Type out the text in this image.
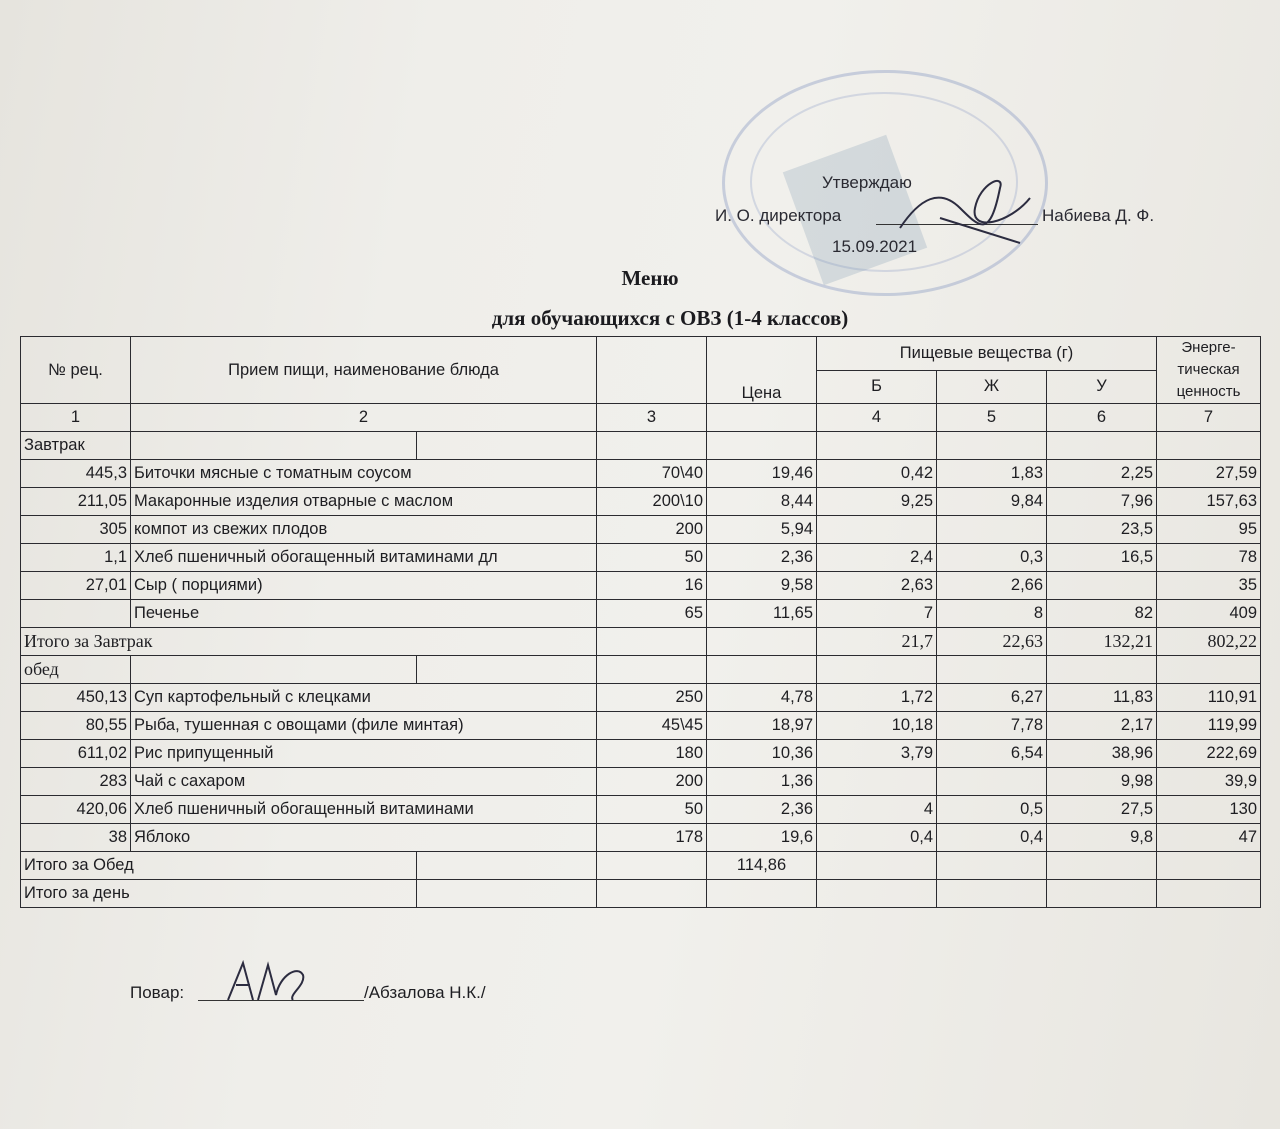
Утверждаю
И. О. директора	Набиева Д. Ф.
15.09.2021
Меню
для обучающихся с ОВЗ (1-4 классов)
№ рец.	Прием пищи, наименование блюда			Цена	Пищевые вещества (г)			Энерге-тическая ценность
					Б	Ж	У	
1	2		3		4	5	6	7
Завтрак								
445,3	Биточки мясные с томатным соусом		70\40	19,46	0,42	1,83	2,25	27,59
211,05	Макаронные изделия отварные с маслом		200\10	8,44	9,25	9,84	7,96	157,63
305	компот из свежих плодов		200	5,94			23,5	95
1,1	Хлеб пшеничный обогащенный витаминами дл		50	2,36	2,4	0,3	16,5	78
27,01	Сыр ( порциями)		16	9,58	2,63	2,66		35
	Печенье		65	11,65	7	8	82	409
Итого за Завтрак					21,7	22,63	132,21	802,22
обед								
450,13	Суп картофельный с клецками		250	4,78	1,72	6,27	11,83	110,91
80,55	Рыба, тушенная с овощами (филе минтая)		45\45	18,97	10,18	7,78	2,17	119,99
611,02	Рис припущенный		180	10,36	3,79	6,54	38,96	222,69
283	Чай с сахаром		200	1,36			9,98	39,9
420,06	Хлеб пшеничный обогащенный витаминами		50	2,36	4	0,5	27,5	130
38	Яблоко		178	19,6	0,4	0,4	9,8	47
Итого за Обед				114,86				
Итого за день								
Повар:	/Абзалова Н.К./
